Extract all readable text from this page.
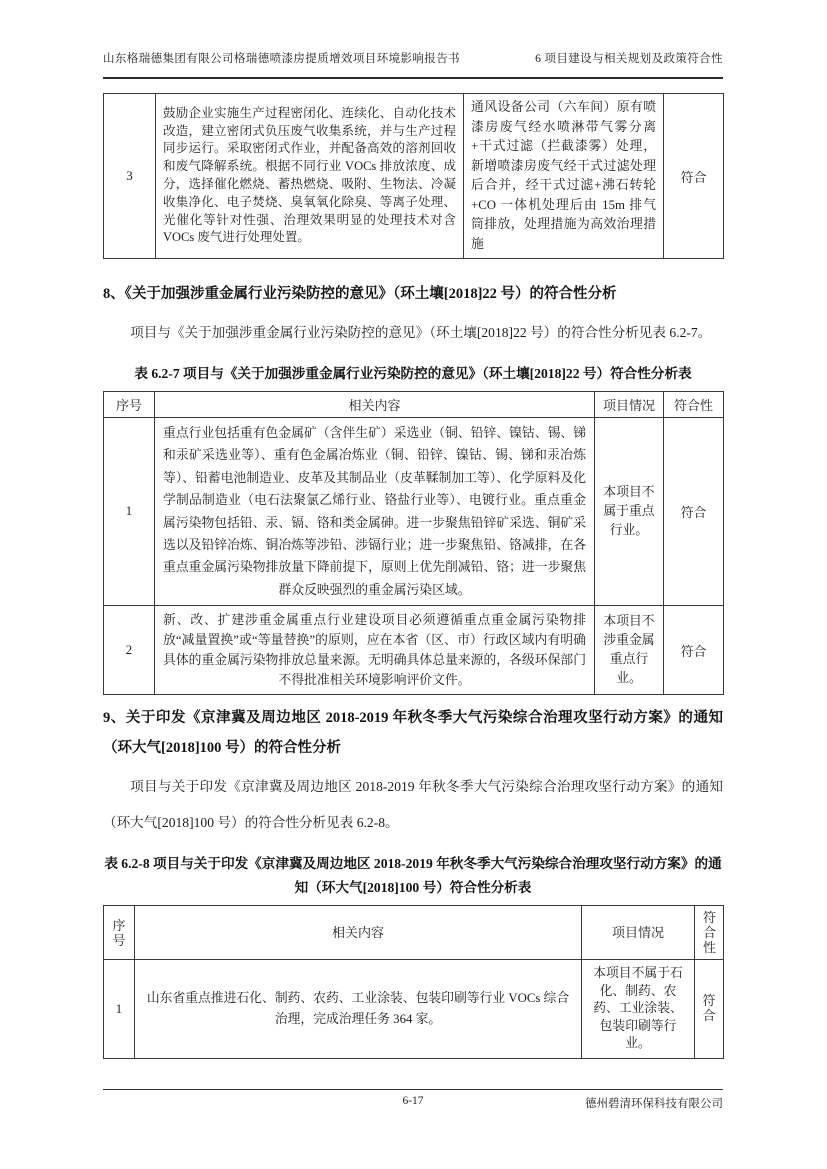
山东格瑞德集团有限公司格瑞德喷漆房提质增效项目环境影响报告书	6 项目建设与相关规划及政策符合性
3	鼓励企业实施生产过程密闭化、连续化、自动化技术改造，建立密闭式负压废气收集系统，并与生产过程同步运行。采取密闭式作业，并配备高效的溶剂回收和废气降解系统。根据不同行业 VOCs 排放浓度、成分，选择催化燃烧、蓄热燃烧、吸附、生物法、冷凝收集净化、电子焚烧、臭氧氧化除臭、等离子处理、光催化等针对性强、治理效果明显的处理技术对含 VOCs 废气进行处理处置。	通风设备公司（六车间）原有喷漆房废气经水喷淋带气雾分离+干式过滤（拦截漆雾）处理，新增喷漆房废气经干式过滤处理后合并，经干式过滤+沸石转轮+CO 一体机处理后由 15m 排气筒排放，处理措施为高效治理措施	符合
8、《关于加强涉重金属行业污染防控的意见》（环土壤[2018]22 号）的符合性分析
项目与《关于加强涉重金属行业污染防控的意见》（环土壤[2018]22 号）的符合性分析见表 6.2-7。
表 6.2-7 项目与《关于加强涉重金属行业污染防控的意见》（环土壤[2018]22 号）符合性分析表
序号	相关内容	项目情况	符合性
1	重点行业包括重有色金属矿（含伴生矿）采选业（铜、铅锌、镍钴、锡、锑和汞矿采选业等）、重有色金属冶炼业（铜、铅锌、镍钴、锡、锑和汞冶炼等）、铅蓄电池制造业、皮革及其制品业（皮革鞣制加工等）、化学原料及化学制品制造业（电石法聚氯乙烯行业、铬盐行业等）、电镀行业。重点重金属污染物包括铅、汞、镉、铬和类金属砷。进一步聚焦铅锌矿采选、铜矿采选以及铅锌冶炼、铜冶炼等涉铅、涉镉行业；进一步聚焦铅、铬减排，在各重点重金属污染物排放量下降前提下，原则上优先削减铅、铬；进一步聚焦群众反映强烈的重金属污染区域。	本项目不属于重点行业。	符合
2	新、改、扩建涉重金属重点行业建设项目必须遵循重点重金属污染物排放“减量置换”或“等量替换”的原则，应在本省（区、市）行政区域内有明确具体的重金属污染物排放总量来源。无明确具体总量来源的，各级环保部门不得批准相关环境影响评价文件。	本项目不涉重金属重点行业。	符合
9、关于印发《京津冀及周边地区 2018-2019 年秋冬季大气污染综合治理攻坚行动方案》的通知（环大气[2018]100 号）的符合性分析
项目与关于印发《京津冀及周边地区 2018-2019 年秋冬季大气污染综合治理攻坚行动方案》的通知（环大气[2018]100 号）的符合性分析见表 6.2-8。
表 6.2-8 项目与关于印发《京津冀及周边地区 2018-2019 年秋冬季大气污染综合治理攻坚行动方案》的通知（环大气[2018]100 号）符合性分析表
序号	相关内容	项目情况	符合性
1	山东省重点推进石化、制药、农药、工业涂装、包装印刷等行业 VOCs 综合治理，完成治理任务 364 家。	本项目不属于石化、制药、农药、工业涂装、包装印刷等行业。	符合
6-17	德州碧清环保科技有限公司
